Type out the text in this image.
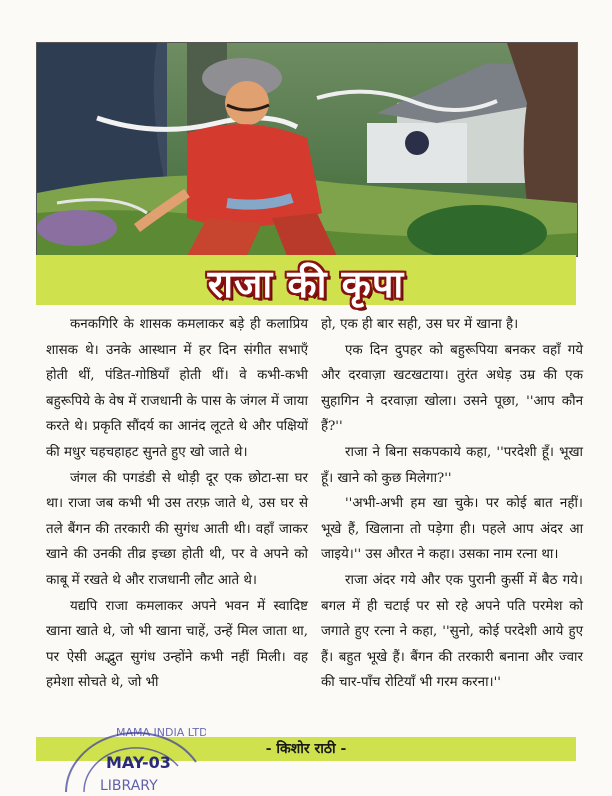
राजा की कृपा

कनकगिरि के शासक कमलाकर बड़े ही कलाप्रिय शासक थे। उनके आस्थान में हर दिन संगीत सभाएँ होती थीं, पंडित-गोष्ठियाँ होती थीं। वे कभी-कभी बहुरूपिये के वेष में राजधानी के पास के जंगल में जाया करते थे। प्रकृति सौंदर्य का आनंद लूटते थे और पक्षियों की मधुर चहचहाहट सुनते हुए खो जाते थे।

जंगल की पगडंडी से थोड़ी दूर एक छोटा-सा घर था। राजा जब कभी भी उस तरफ़ जाते थे, उस घर से तले बैंगन की तरकारी की सुगंध आती थी। वहाँ जाकर खाने की उनकी तीव्र इच्छा होती थी, पर वे अपने को काबू में रखते थे और राजधानी लौट आते थे।

यद्यपि राजा कमलाकर अपने भवन में स्वादिष्ट खाना खाते थे, जो भी खाना चाहें, उन्हें मिल जाता था, पर ऐसी अद्भुत सुगंध उन्होंने कभी नहीं मिली। वह हमेशा सोचते थे, जो भी

हो, एक ही बार सही, उस घर में खाना है।

एक दिन दुपहर को बहुरूपिया बनकर वहाँ गये और दरवाज़ा खटखटाया। तुरंत अधेड़ उम्र की एक सुहागिन ने दरवाज़ा खोला। उसने पूछा, ''आप कौन हैं?''

राजा ने बिना सकपकाये कहा, ''परदेशी हूँ। भूखा हूँ। खाने को कुछ मिलेगा?''

''अभी-अभी हम खा चुके। पर कोई बात नहीं। भूखे हैं, खिलाना तो पड़ेगा ही। पहले आप अंदर आ जाइये।'' उस औरत ने कहा। उसका नाम रत्ना था।

राजा अंदर गये और एक पुरानी कुर्सी में बैठ गये। बगल में ही चटाई पर सो रहे अपने पति परमेश को जगाते हुए रत्ना ने कहा, ''सुनो, कोई परदेशी आये हुए हैं। बहुत भूखे हैं। बैंगन की तरकारी बनाना और ज्वार की चार-पाँच रोटियाँ भी गरम करना।''

- किशोर राठी -
MAMA INDIA LTD
MAY-03
LIBRARY
